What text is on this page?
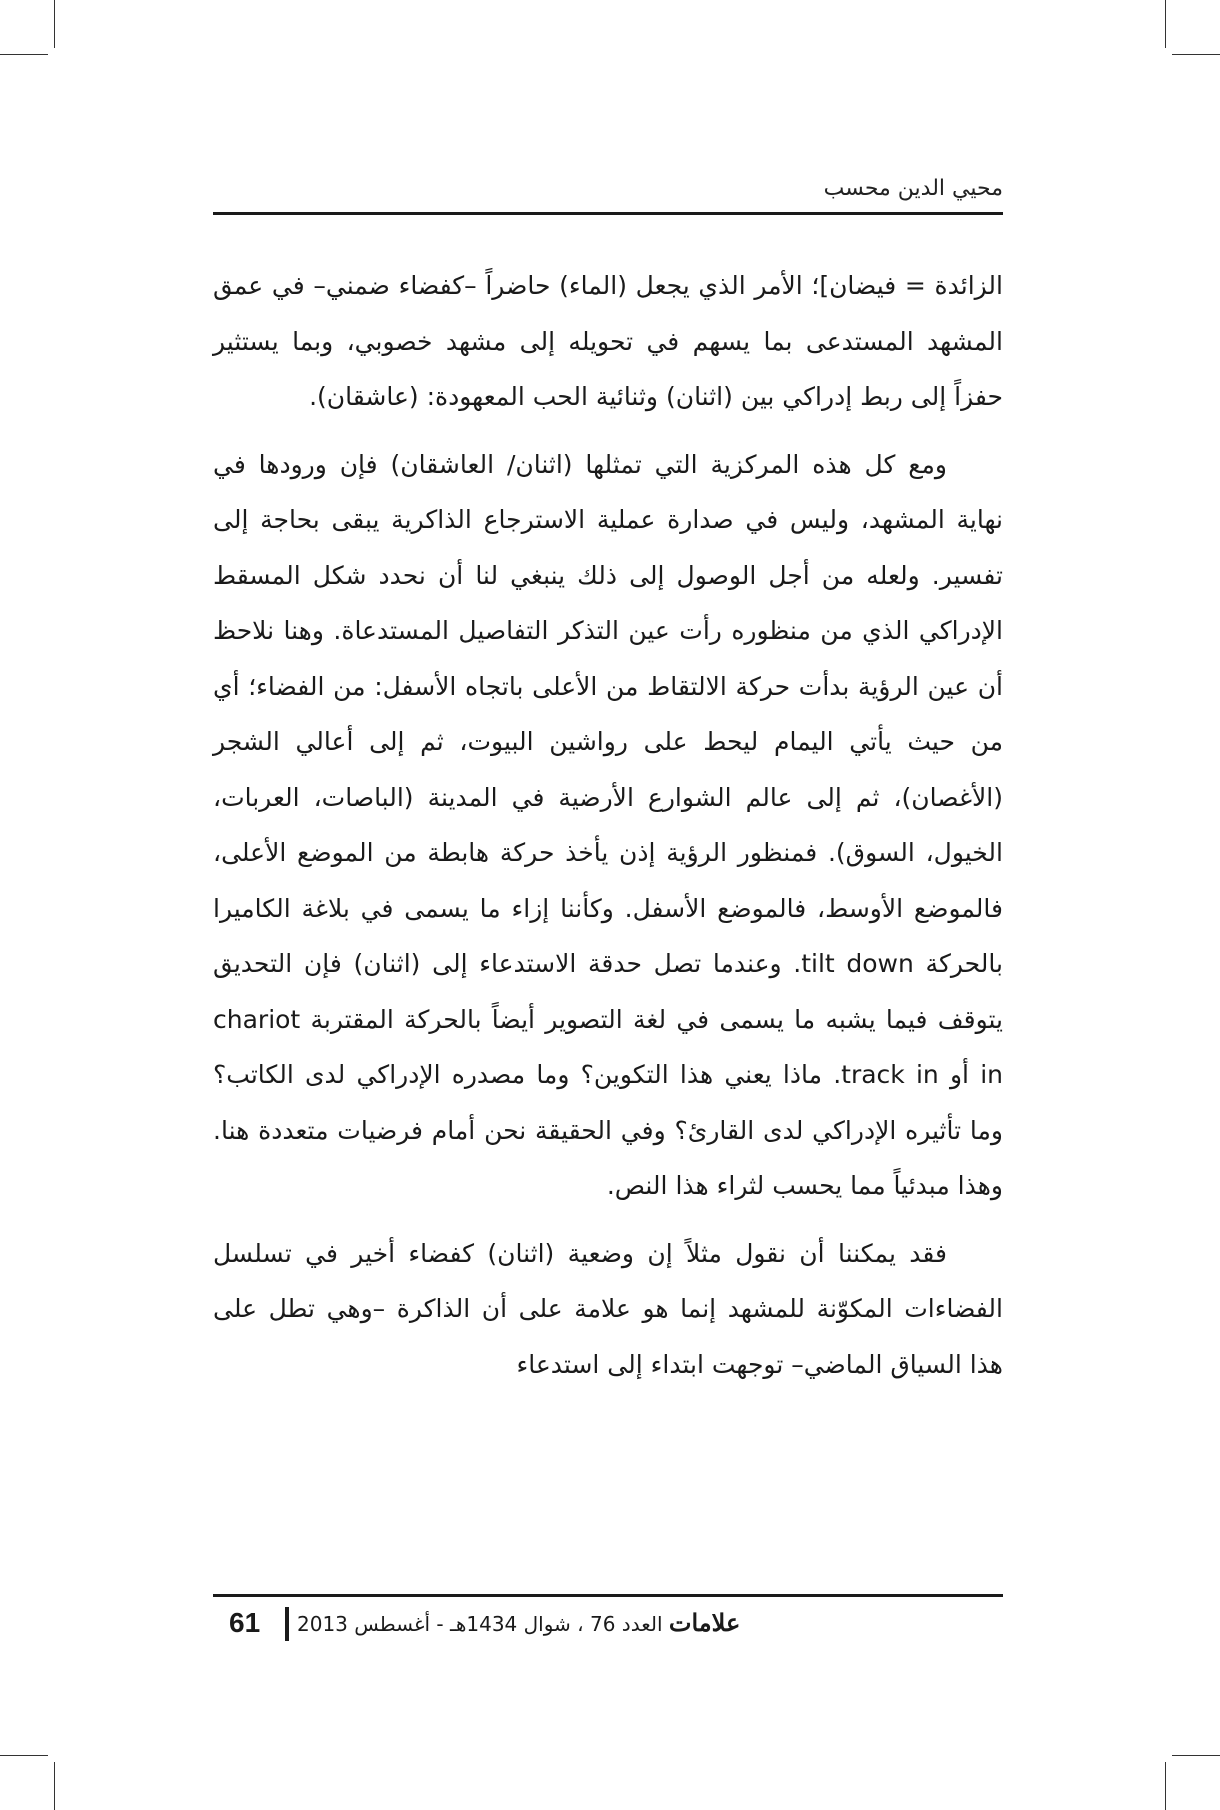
محيي الدين محسب

الزائدة = فيضان]؛ الأمر الذي يجعل (الماء) حاضراً –كفضاء ضمني– في عمق المشهد المستدعى بما يسهم في تحويله إلى مشهد خصوبي، وبما يستثير حفزاً إلى ربط إدراكي بين (اثنان) وثنائية الحب المعهودة: (عاشقان).

ومع كل هذه المركزية التي تمثلها (اثنان/ العاشقان) فإن ورودها في نهاية المشهد، وليس في صدارة عملية الاسترجاع الذاكرية يبقى بحاجة إلى تفسير. ولعله من أجل الوصول إلى ذلك ينبغي لنا أن نحدد شكل المسقط الإدراكي الذي من منظوره رأت عين التذكر التفاصيل المستدعاة. وهنا نلاحظ أن عين الرؤية بدأت حركة الالتقاط من الأعلى باتجاه الأسفل: من الفضاء؛ أي من حيث يأتي اليمام ليحط على رواشين البيوت، ثم إلى أعالي الشجر (الأغصان)، ثم إلى عالم الشوارع الأرضية في المدينة (الباصات، العربات، الخيول، السوق). فمنظور الرؤية إذن يأخذ حركة هابطة من الموضع الأعلى، فالموضع الأوسط، فالموضع الأسفل. وكأننا إزاء ما يسمى في بلاغة الكاميرا بالحركة tilt down. وعندما تصل حدقة الاستدعاء إلى (اثنان) فإن التحديق يتوقف فيما يشبه ما يسمى في لغة التصوير أيضاً بالحركة المقتربة chariot in أو track in. ماذا يعني هذا التكوين؟ وما مصدره الإدراكي لدى الكاتب؟ وما تأثيره الإدراكي لدى القارئ؟ وفي الحقيقة نحن أمام فرضيات متعددة هنا. وهذا مبدئياً مما يحسب لثراء هذا النص.

فقد يمكننا أن نقول مثلاً إن وضعية (اثنان) كفضاء أخير في تسلسل الفضاءات المكوّنة للمشهد إنما هو علامة على أن الذاكرة –وهي تطل على هذا السياق الماضي– توجهت ابتداء إلى استدعاء

61	علامات العدد 76 ، شوال 1434هـ - أغسطس 2013
